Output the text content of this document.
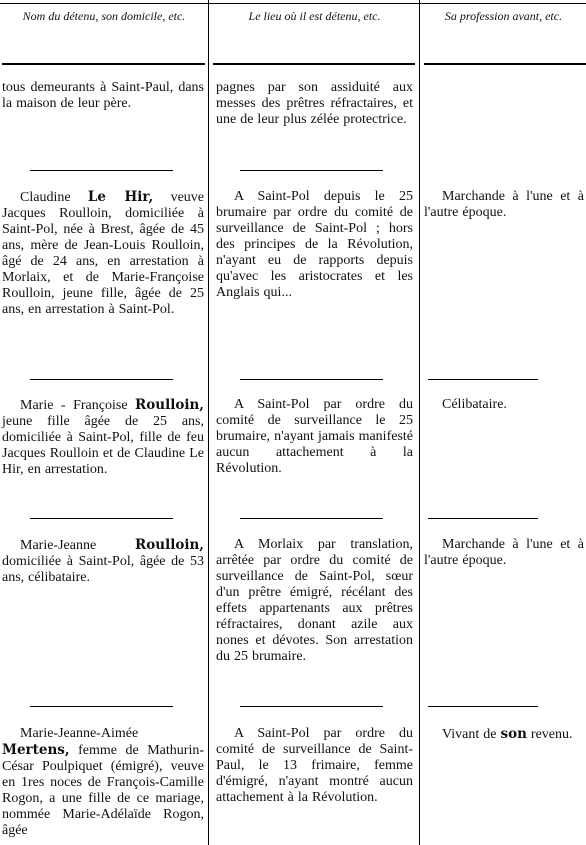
Nom du détenu, son domicile, etc.	Le lieu où il est détenu, etc.	Sa profession avant, etc.
tous demeurants à Saint-Paul, dans la maison de leur père.
pagnes par son assiduité aux messes des prêtres réfractaires, et une de leur plus zélée protectrice.
Claudine Le Hir, veuve Jacques Roulloin, domiciliée à Saint-Pol, née à Brest, âgée de 45 ans, mère de Jean-Louis Roulloin, âgé de 24 ans, en arrestation à Morlaix, et de Marie-Françoise Roulloin, jeune fille, âgée de 25 ans, en arrestation à Saint-Pol.
A Saint-Pol depuis le 25 brumaire par ordre du comité de surveillance de Saint-Pol ; hors des principes de la Révolution, n'ayant eu de rapports depuis qu'avec les aristocrates et les Anglais qui...
Marchande à l'une et à l'autre époque.
Marie - Françoise Roulloin, jeune fille âgée de 25 ans, domiciliée à Saint-Pol, fille de feu Jacques Roulloin et de Claudine Le Hir, en arrestation.
A Saint-Pol par ordre du comité de surveillance le 25 brumaire, n'ayant jamais manifesté aucun attachement à la Révolution.
Célibataire.
Marie-Jeanne Roulloin, domiciliée à Saint-Pol, âgée de 53 ans, célibataire.
A Morlaix par translation, arrêtée par ordre du comité de surveillance de Saint-Pol, sœur d'un prêtre émigré, récélant des effets appartenants aux prêtres réfractaires, donant azile aux nones et dévotes. Son arrestation du 25 brumaire.
Marchande à l'une et à l'autre époque.
Marie-Jeanne-Aimée Mertens, femme de Mathurin-César Poulpiquet (émigré), veuve en 1res noces de François-Camille Rogon, a une fille de ce mariage, nommée Marie-Adélaïde Rogon, âgée
A Saint-Pol par ordre du comité de surveillance de Saint-Paul, le 13 frimaire, femme d'émigré, n'ayant montré aucun attachement à la Révolution.
Vivant de son revenu.
